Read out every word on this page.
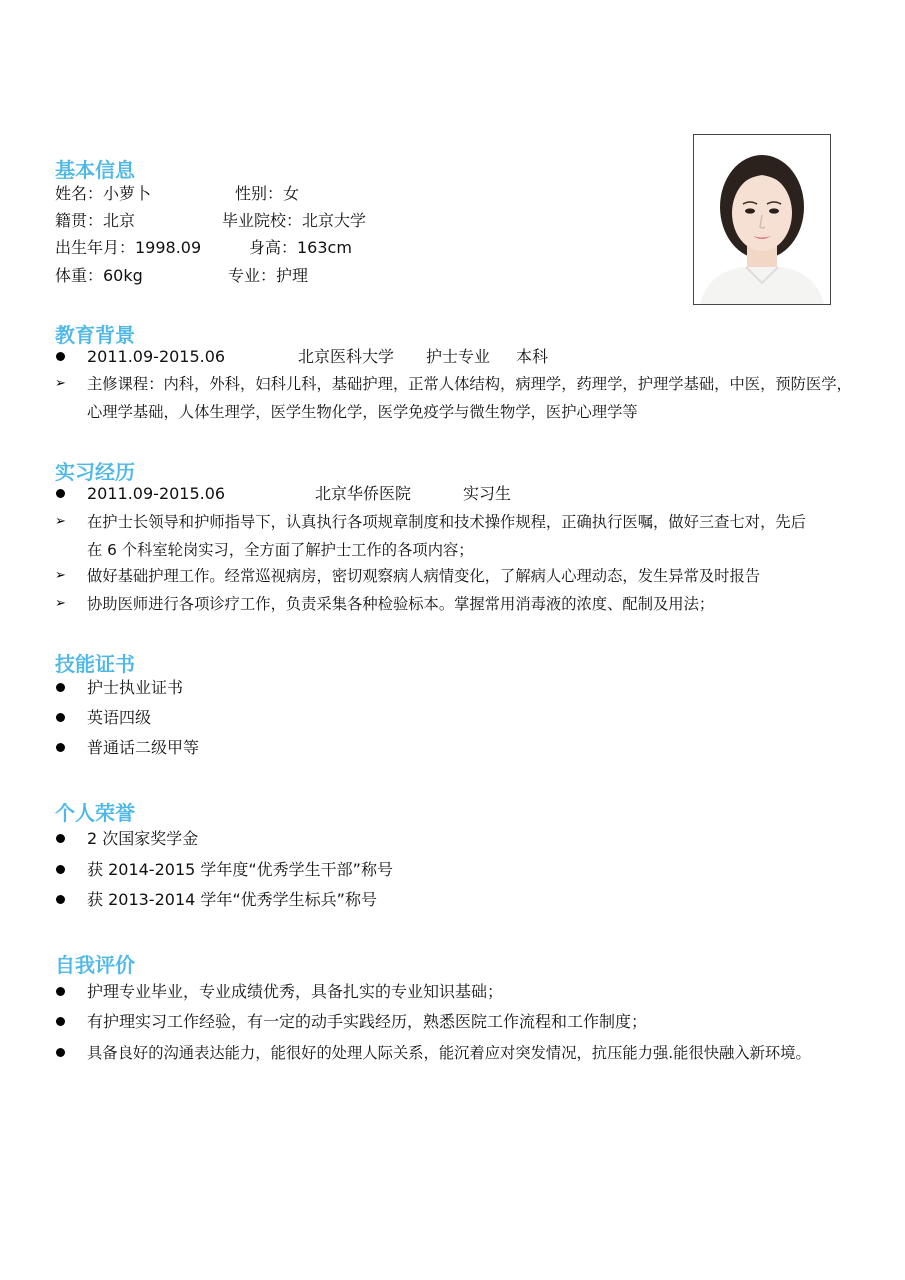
基本信息
姓名：小萝卜	性别：女
籍贯：北京	毕业院校：北京大学
出生年月：1998.09	身高：163cm
体重：60kg	专业：护理
教育背景
2011.09-2015.06	北京医科大学 护士专业 本科
➢ 主修课程：内科，外科，妇科儿科，基础护理，正常人体结构，病理学，药理学，护理学基础，中医，预防医学，
心理学基础，人体生理学，医学生物化学，医学免疫学与微生物学，医护心理学等
实习经历
2011.09-2015.06	北京华侨医院	实习生
➢ 在护士长领导和护师指导下，认真执行各项规章制度和技术操作规程，正确执行医嘱，做好三查七对，先后
在 6 个科室轮岗实习，全方面了解护士工作的各项内容；
➢ 做好基础护理工作。经常巡视病房，密切观察病人病情变化，了解病人心理动态，发生异常及时报告
➢ 协助医师进行各项诊疗工作，负责采集各种检验标本。掌握常用消毒液的浓度、配制及用法；
技能证书
护士执业证书
英语四级
普通话二级甲等
个人荣誉
2 次国家奖学金
获 2014-2015 学年度“优秀学生干部”称号
获 2013-2014 学年“优秀学生标兵”称号
自我评价
护理专业毕业，专业成绩优秀，具备扎实的专业知识基础；
有护理实习工作经验，有一定的动手实践经历，熟悉医院工作流程和工作制度；
具备良好的沟通表达能力，能很好的处理人际关系，能沉着应对突发情况，抗压能力强.能很快融入新环境。
